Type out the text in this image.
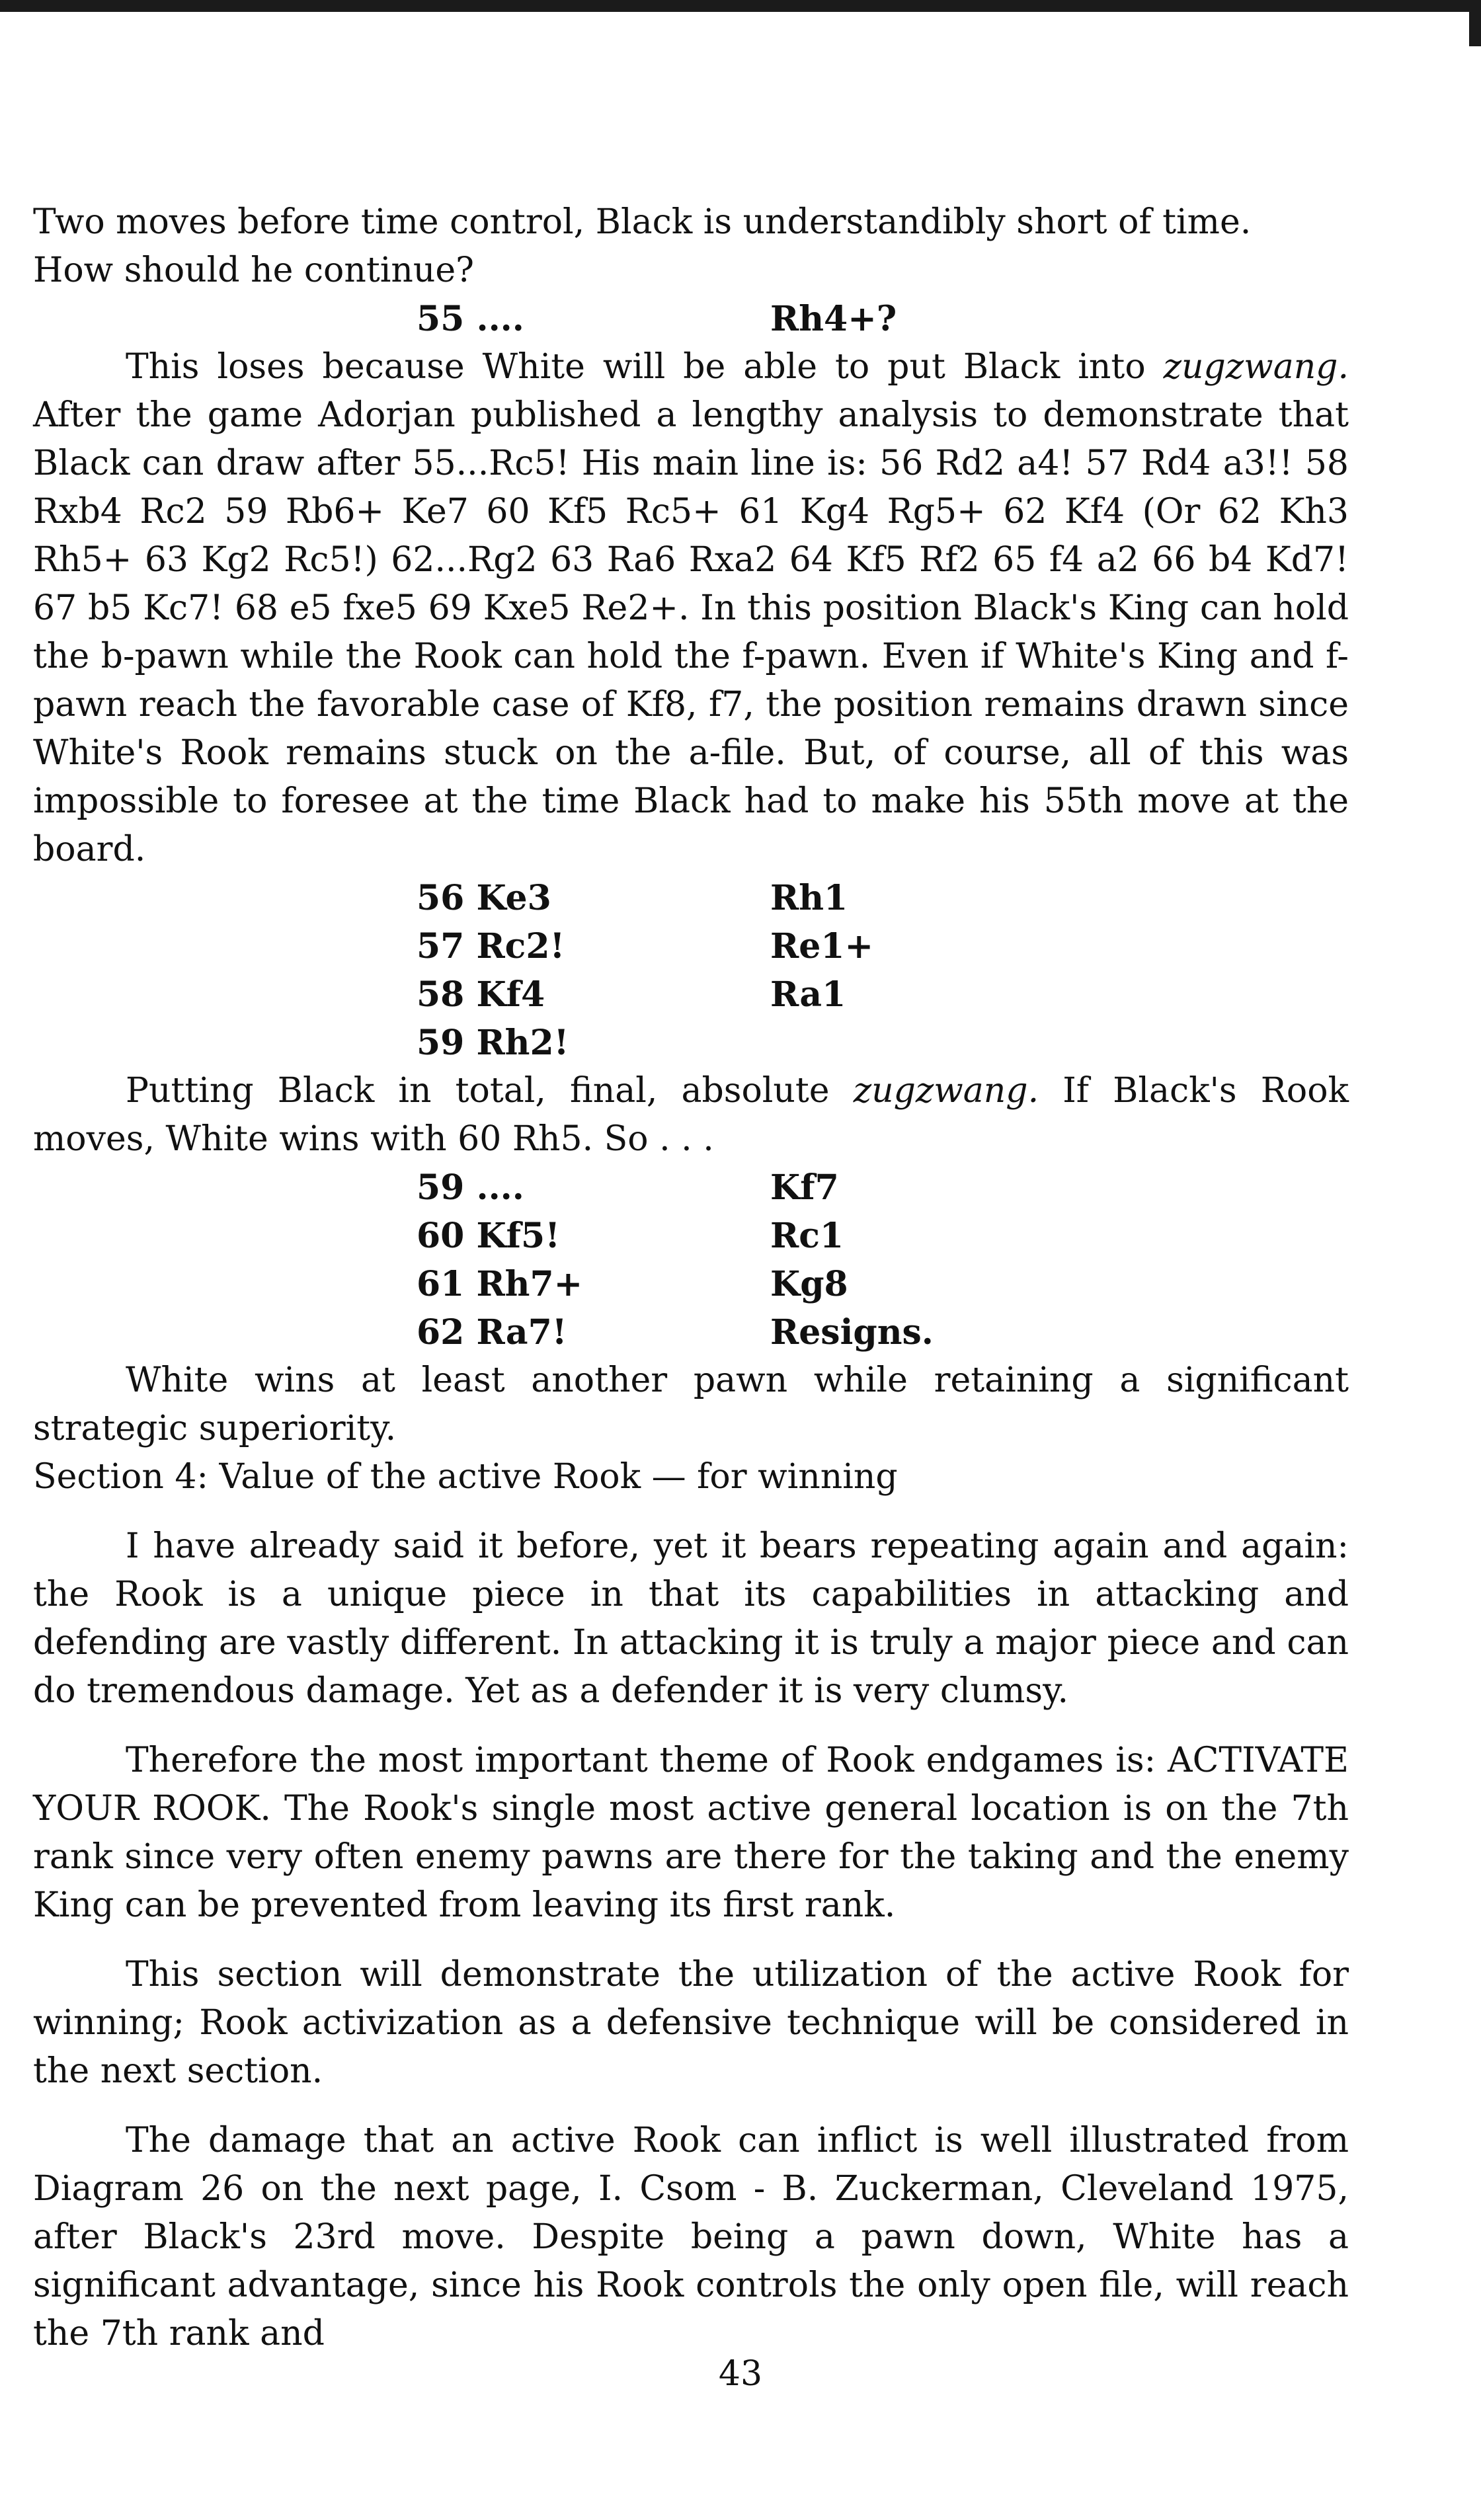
Two moves before time control, Black is understandibly short of time.
How should he continue?

55 ....	Rh4+?

This loses because White will be able to put Black into zugzwang. After the game Adorjan published a lengthy analysis to demonstrate that Black can draw after 55...Rc5! His main line is: 56 Rd2 a4! 57 Rd4 a3!! 58 Rxb4 Rc2 59 Rb6+ Ke7 60 Kf5 Rc5+ 61 Kg4 Rg5+ 62 Kf4 (Or 62 Kh3 Rh5+ 63 Kg2 Rc5!) 62...Rg2 63 Ra6 Rxa2 64 Kf5 Rf2 65 f4 a2 66 b4 Kd7! 67 b5 Kc7! 68 e5 fxe5 69 Kxe5 Re2+. In this position Black's King can hold the b-pawn while the Rook can hold the f-pawn. Even if White's King and f-pawn reach the favorable case of Kf8, f7, the position remains drawn since White's Rook remains stuck on the a-file. But, of course, all of this was impossible to foresee at the time Black had to make his 55th move at the board.

56 Ke3	Rh1
57 Rc2!	Re1+
58 Kf4	Ra1
59 Rh2!

Putting Black in total, final, absolute zugzwang. If Black's Rook moves, White wins with 60 Rh5. So . . .

59 ....	Kf7
60 Kf5!	Rc1
61 Rh7+	Kg8
62 Ra7!	Resigns.

White wins at least another pawn while retaining a significant strategic superiority.

Section 4: Value of the active Rook — for winning

I have already said it before, yet it bears repeating again and again: the Rook is a unique piece in that its capabilities in attacking and defending are vastly different. In attacking it is truly a major piece and can do tremendous damage. Yet as a defender it is very clumsy.

Therefore the most important theme of Rook endgames is: ACTIVATE YOUR ROOK. The Rook's single most active general location is on the 7th rank since very often enemy pawns are there for the taking and the enemy King can be prevented from leaving its first rank.

This section will demonstrate the utilization of the active Rook for winning; Rook activization as a defensive technique will be considered in the next section.

The damage that an active Rook can inflict is well illustrated from Diagram 26 on the next page, I. Csom - B. Zuckerman, Cleveland 1975, after Black's 23rd move. Despite being a pawn down, White has a significant advantage, since his Rook controls the only open file, will reach the 7th rank and

43
